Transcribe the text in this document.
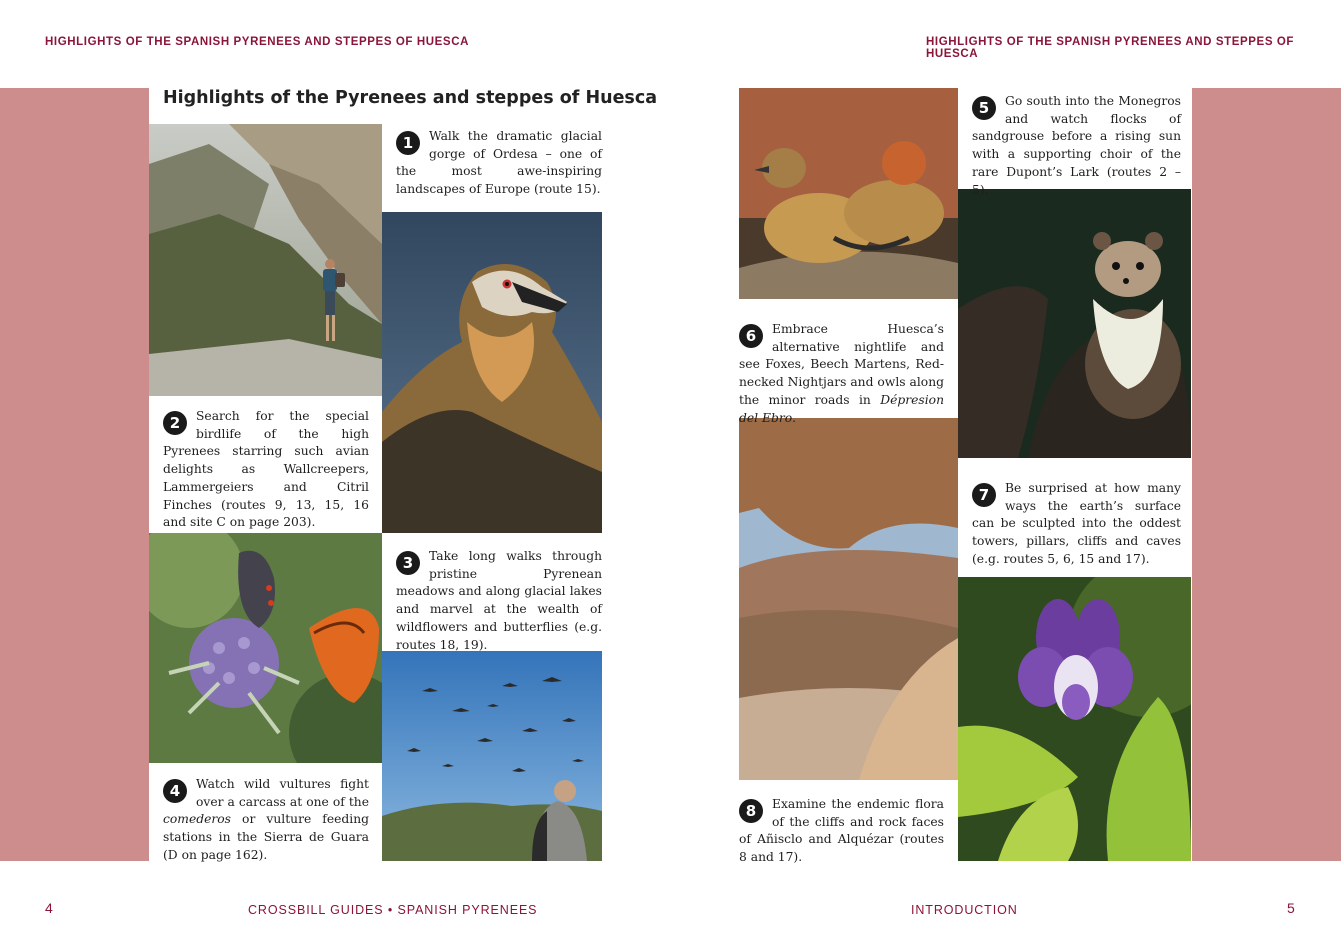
HIGHLIGHTS OF THE SPANISH PYRENEES AND STEPPES OF HUESCA	HIGHLIGHTS OF THE SPANISH PYRENEES AND STEPPES OF HUESCA
Highlights of the Pyrenees and steppes of Huesca

1	Walk the dramatic glacial gorge of Ordesa – one of the most awe-inspiring landscapes of Europe (route 15).

2	Search for the special birdlife of the high Pyrenees starring such avian delights as Wallcreepers, Lammergeiers and Citril Finches (routes 9, 13, 15, 16 and site C on page 203).

3	Take long walks through pristine Pyrenean meadows and along glacial lakes and marvel at the wealth of wildflowers and butterflies (e.g. routes 18, 19).

4	Watch wild vultures fight over a carcass at one of the comederos or vulture feeding stations in the Sierra de Guara (D on page 162).

5	Go south into the Monegros and watch flocks of sandgrouse before a rising sun with a supporting choir of the rare Dupont’s Lark (routes 2 – 5).

6	Embrace Huesca’s alternative nightlife and see Foxes, Beech Martens, Red-necked Nightjars and owls along the minor roads in Dépresion del Ebro.

7	Be surprised at how many ways the earth’s surface can be sculpted into the oddest towers, pillars, cliffs and caves (e.g. routes 5, 6, 15 and 17).

8	Examine the endemic flora of the cliffs and rock faces of Añisclo and Alquézar (routes 8 and 17).

4	CROSSBILL GUIDES • SPANISH PYRENEES	INTRODUCTION	5
